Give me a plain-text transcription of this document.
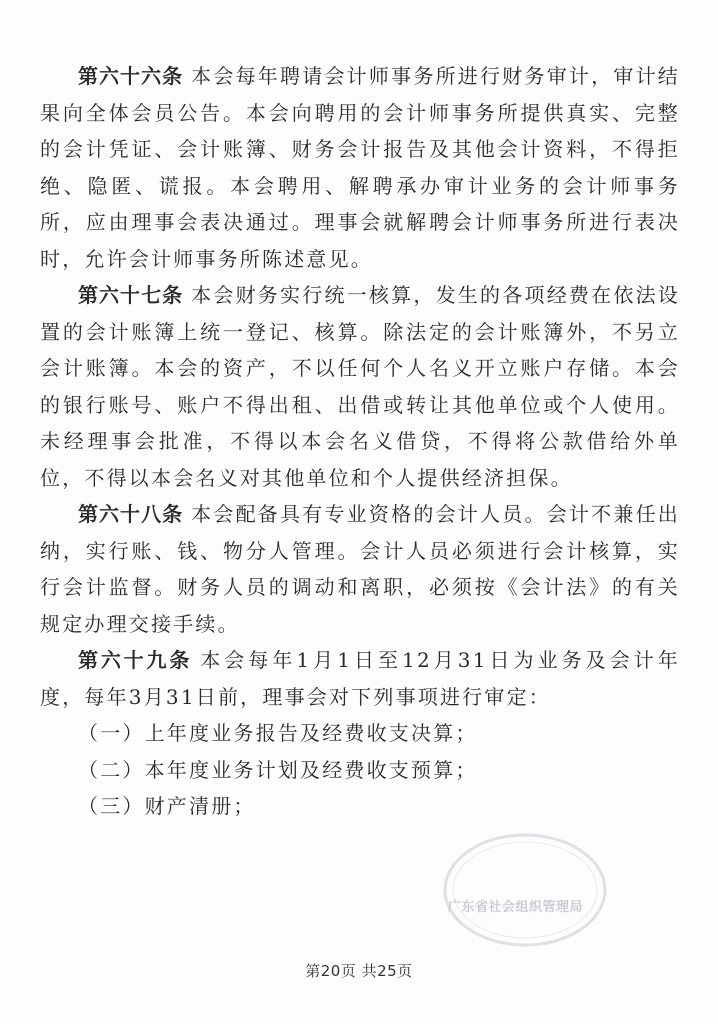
第六十六条 本会每年聘请会计师事务所进行财务审计，审计结果向全体会员公告。本会向聘用的会计师事务所提供真实、完整的会计凭证、会计账簿、财务会计报告及其他会计资料，不得拒绝、隐匿、谎报。本会聘用、解聘承办审计业务的会计师事务所，应由理事会表决通过。理事会就解聘会计师事务所进行表决时，允许会计师事务所陈述意见。

第六十七条 本会财务实行统一核算，发生的各项经费在依法设置的会计账簿上统一登记、核算。除法定的会计账簿外，不另立会计账簿。本会的资产，不以任何个人名义开立账户存储。本会的银行账号、账户不得出租、出借或转让其他单位或个人使用。未经理事会批准，不得以本会名义借贷，不得将公款借给外单位，不得以本会名义对其他单位和个人提供经济担保。

第六十八条 本会配备具有专业资格的会计人员。会计不兼任出纳，实行账、钱、物分人管理。会计人员必须进行会计核算，实行会计监督。财务人员的调动和离职，必须按《会计法》的有关规定办理交接手续。

第六十九条 本会每年1月1日至12月31日为业务及会计年度，每年3月31日前，理事会对下列事项进行审定：

（一）上年度业务报告及经费收支决算；
（二）本年度业务计划及经费收支预算；
（三）财产清册；
广东省社会组织管理局
第20页 共25页
